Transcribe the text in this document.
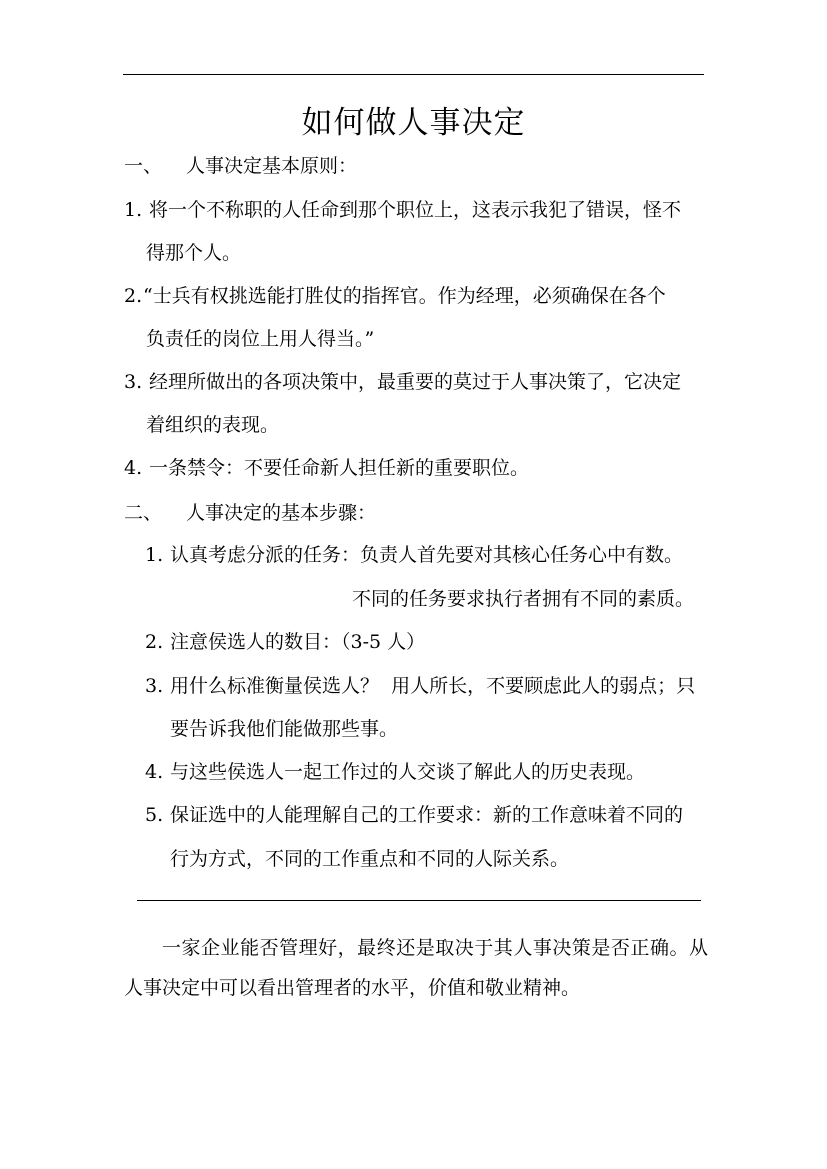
如何做人事决定
一、 人事决定基本原则：
1. 将一个不称职的人任命到那个职位上，这表示我犯了错误，怪不
得那个人。
2. “士兵有权挑选能打胜仗的指挥官。作为经理，必须确保在各个
负责任的岗位上用人得当。”
3. 经理所做出的各项决策中，最重要的莫过于人事决策了，它决定
着组织的表现。
4. 一条禁令：不要任命新人担任新的重要职位。
二、 人事决定的基本步骤：
1. 认真考虑分派的任务：负责人首先要对其核心任务心中有数。
不同的任务要求执行者拥有不同的素质。
2. 注意侯选人的数目：（3-5 人）
3. 用什么标准衡量侯选人？  用人所长，不要顾虑此人的弱点；只
要告诉我他们能做那些事。
4. 与这些侯选人一起工作过的人交谈了解此人的历史表现。
5. 保证选中的人能理解自己的工作要求：新的工作意味着不同的
行为方式，不同的工作重点和不同的人际关系。
一家企业能否管理好，最终还是取决于其人事决策是否正确。从人事决定中可以看出管理者的水平，价值和敬业精神。
